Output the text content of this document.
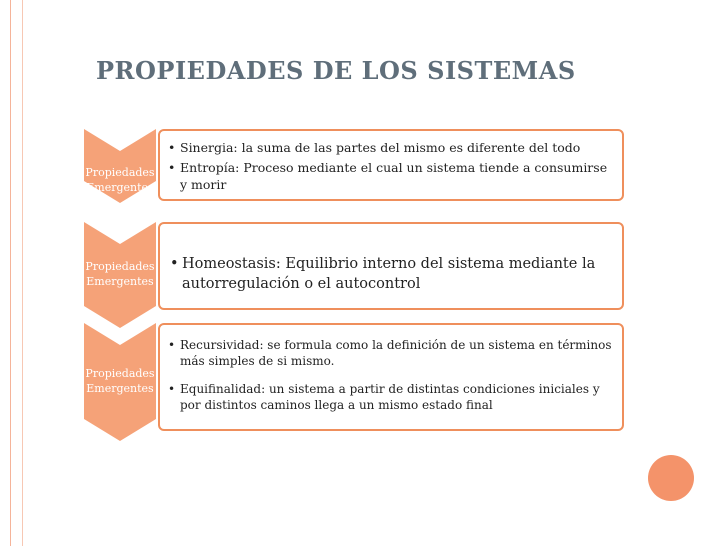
PROPIEDADES DE LOS SISTEMAS
Propiedades
Emergentes
• Sinergia: la suma de las partes del mismo es diferente del todo
• Entropía: Proceso mediante el cual un sistema tiende a consumirse y morir
Propiedades
Emergentes
• Homeostasis: Equilibrio interno del sistema mediante la autorregulación o el autocontrol
Propiedades
Emergentes
• Recursividad: se formula como la definición de un sistema en términos más simples de si mismo.
• Equifinalidad: un sistema a partir de distintas condiciones iniciales y por distintos caminos llega a un mismo estado final
